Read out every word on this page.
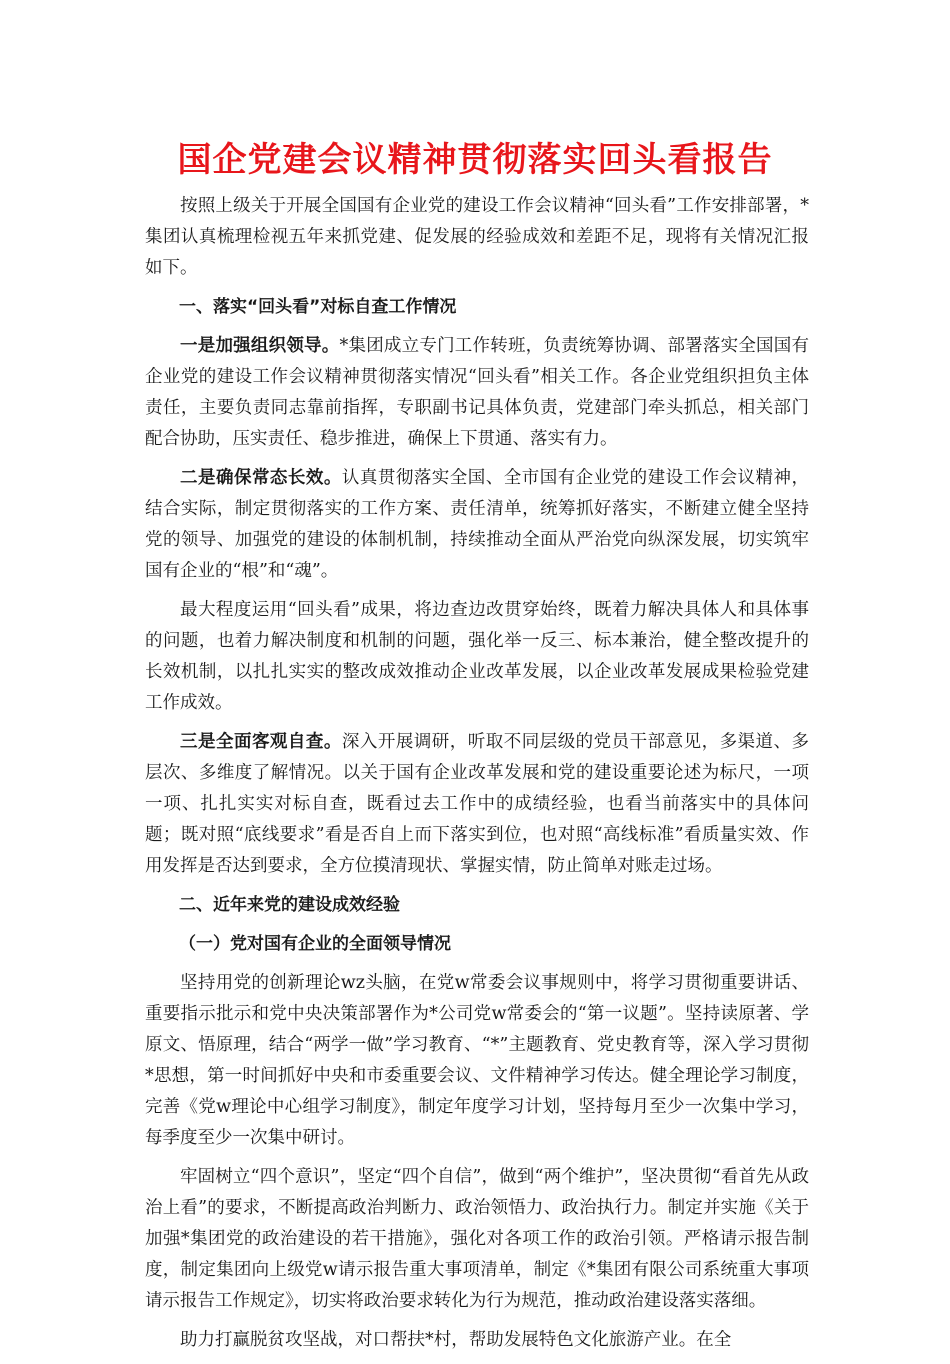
国企党建会议精神贯彻落实回头看报告

按照上级关于开展全国国有企业党的建设工作会议精神“回头看”工作安排部署，*集团认真梳理检视五年来抓党建、促发展的经验成效和差距不足，现将有关情况汇报如下。

一、落实“回头看”对标自查工作情况

一是加强组织领导。*集团成立专门工作转班，负责统筹协调、部署落实全国国有企业党的建设工作会议精神贯彻落实情况“回头看”相关工作。各企业党组织担负主体责任，主要负责同志靠前指挥，专职副书记具体负责，党建部门牵头抓总，相关部门配合协助，压实责任、稳步推进，确保上下贯通、落实有力。

二是确保常态长效。认真贯彻落实全国、全市国有企业党的建设工作会议精神，结合实际，制定贯彻落实的工作方案、责任清单，统筹抓好落实，不断建立健全坚持党的领导、加强党的建设的体制机制，持续推动全面从严治党向纵深发展，切实筑牢国有企业的“根”和“魂”。

最大程度运用“回头看”成果，将边查边改贯穿始终，既着力解决具体人和具体事的问题，也着力解决制度和机制的问题，强化举一反三、标本兼治，健全整改提升的长效机制，以扎扎实实的整改成效推动企业改革发展，以企业改革发展成果检验党建工作成效。

三是全面客观自查。深入开展调研，听取不同层级的党员干部意见，多渠道、多层次、多维度了解情况。以关于国有企业改革发展和党的建设重要论述为标尺，一项一项、扎扎实实对标自查，既看过去工作中的成绩经验，也看当前落实中的具体问题；既对照“底线要求”看是否自上而下落实到位，也对照“高线标准”看质量实效、作用发挥是否达到要求，全方位摸清现状、掌握实情，防止简单对账走过场。

二、近年来党的建设成效经验

（一）党对国有企业的全面领导情况

坚持用党的创新理论wz头脑，在党w常委会议事规则中，将学习贯彻重要讲话、重要指示批示和党中央决策部署作为*公司党w常委会的“第一议题”。坚持读原著、学原文、悟原理，结合“两学一做”学习教育、“*”主题教育、党史教育等，深入学习贯彻*思想，第一时间抓好中央和市委重要会议、文件精神学习传达。健全理论学习制度，完善《党w理论中心组学习制度》，制定年度学习计划，坚持每月至少一次集中学习，每季度至少一次集中研讨。

牢固树立“四个意识”，坚定“四个自信”，做到“两个维护”，坚决贯彻“看首先从政治上看”的要求，不断提高政治判断力、政治领悟力、政治执行力。制定并实施《关于加强*集团党的政治建设的若干措施》，强化对各项工作的政治引领。严格请示报告制度，制定集团向上级党w请示报告重大事项清单，制定《*集团有限公司系统重大事项请示报告工作规定》，切实将政治要求转化为行为规范，推动政治建设落实落细。

助力打赢脱贫攻坚战，对口帮扶*村，帮助发展特色文化旅游产业。在全
